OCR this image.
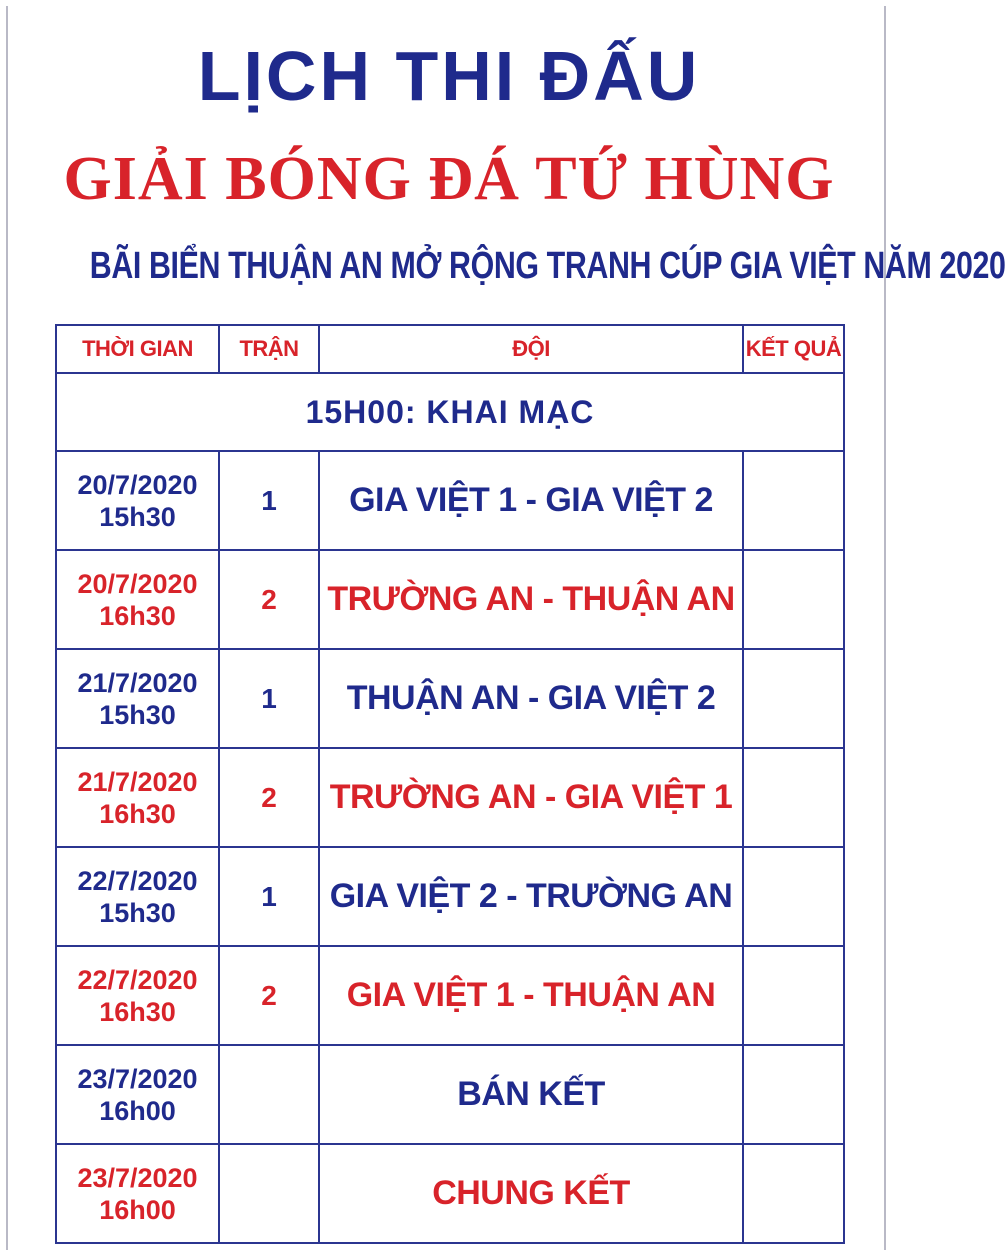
LỊCH THI ĐẤU
GIẢI BÓNG ĐÁ TỨ HÙNG
BÃI BIỂN THUẬN AN MỞ RỘNG TRANH CÚP GIA VIỆT NĂM 2020
THỜI GIAN	TRẬN	ĐỘI	KẾT QUẢ
15H00: KHAI MẠC			
20/7/2020
15h30	1	GIA VIỆT 1 - GIA VIỆT 2	
20/7/2020
16h30	2	TRƯỜNG AN - THUẬN AN	
21/7/2020
15h30	1	THUẬN AN - GIA VIỆT 2	
21/7/2020
16h30	2	TRƯỜNG AN - GIA VIỆT 1	
22/7/2020
15h30	1	GIA VIỆT 2 - TRƯỜNG AN	
22/7/2020
16h30	2	GIA VIỆT 1 - THUẬN AN	
23/7/2020
16h00		BÁN KẾT	
23/7/2020
16h00		CHUNG KẾT	
